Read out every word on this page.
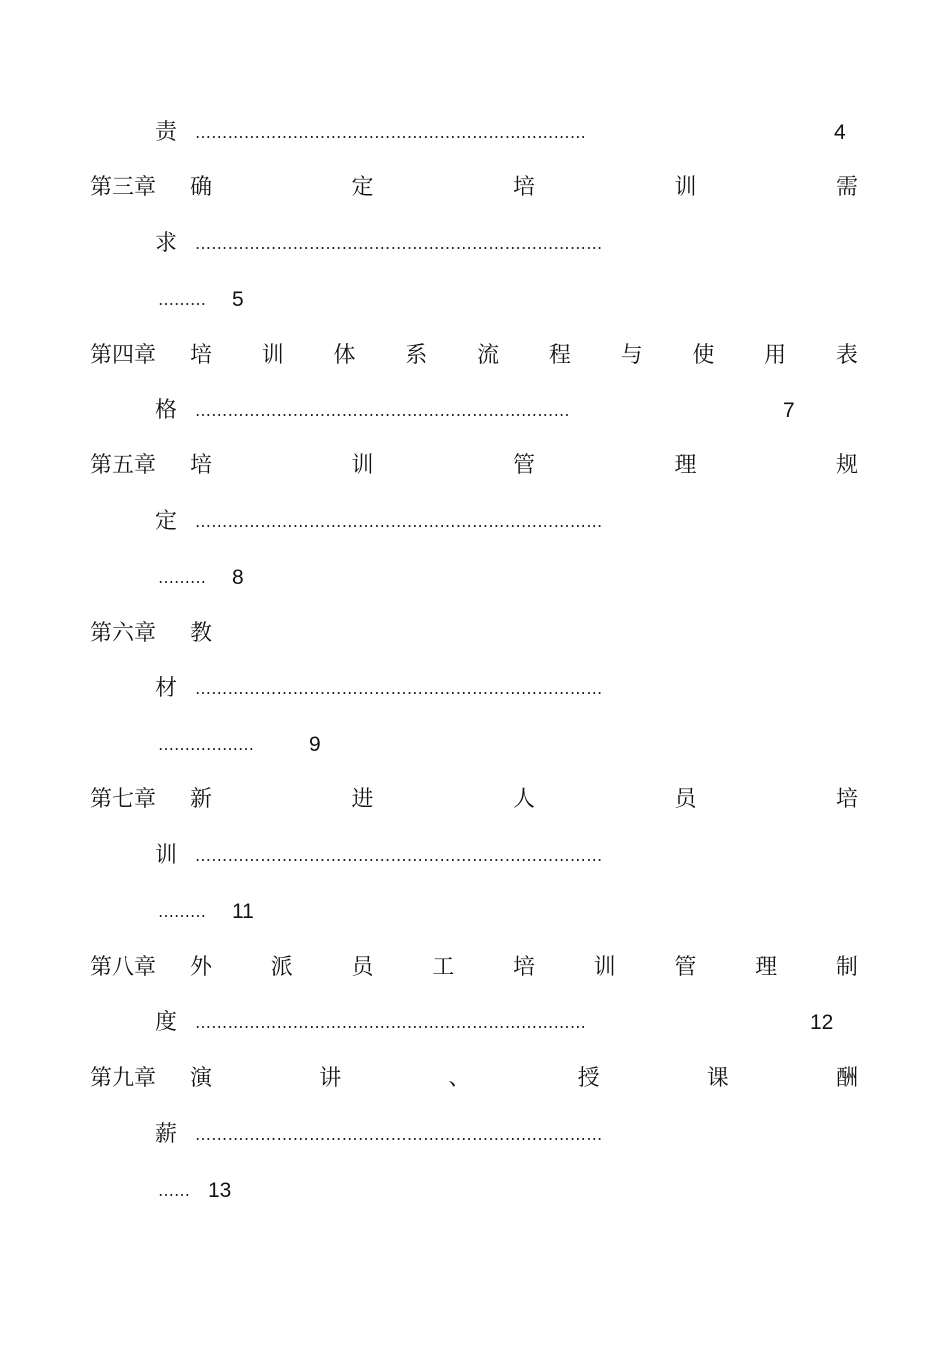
责 ………………………………………………………………	4
第三章 确	定	培	训	需
求 …………………………………………………………………
……… 5
第四章 培 训 体 系 流 程 与 使 用 表
格 ……………………………………………………………	7
第五章 培	训	管	理	规
定 …………………………………………………………………
……… 8
第六章 教
材 …………………………………………………………………
………………	9
第七章 新	进	人	员	培
训 …………………………………………………………………
……… 11
第八章 外	派	员	工	培	训	管	理	制
度 ………………………………………………………………	12
第九章 演	讲	、	授	课	酬
薪 …………………………………………………………………
…… 13
